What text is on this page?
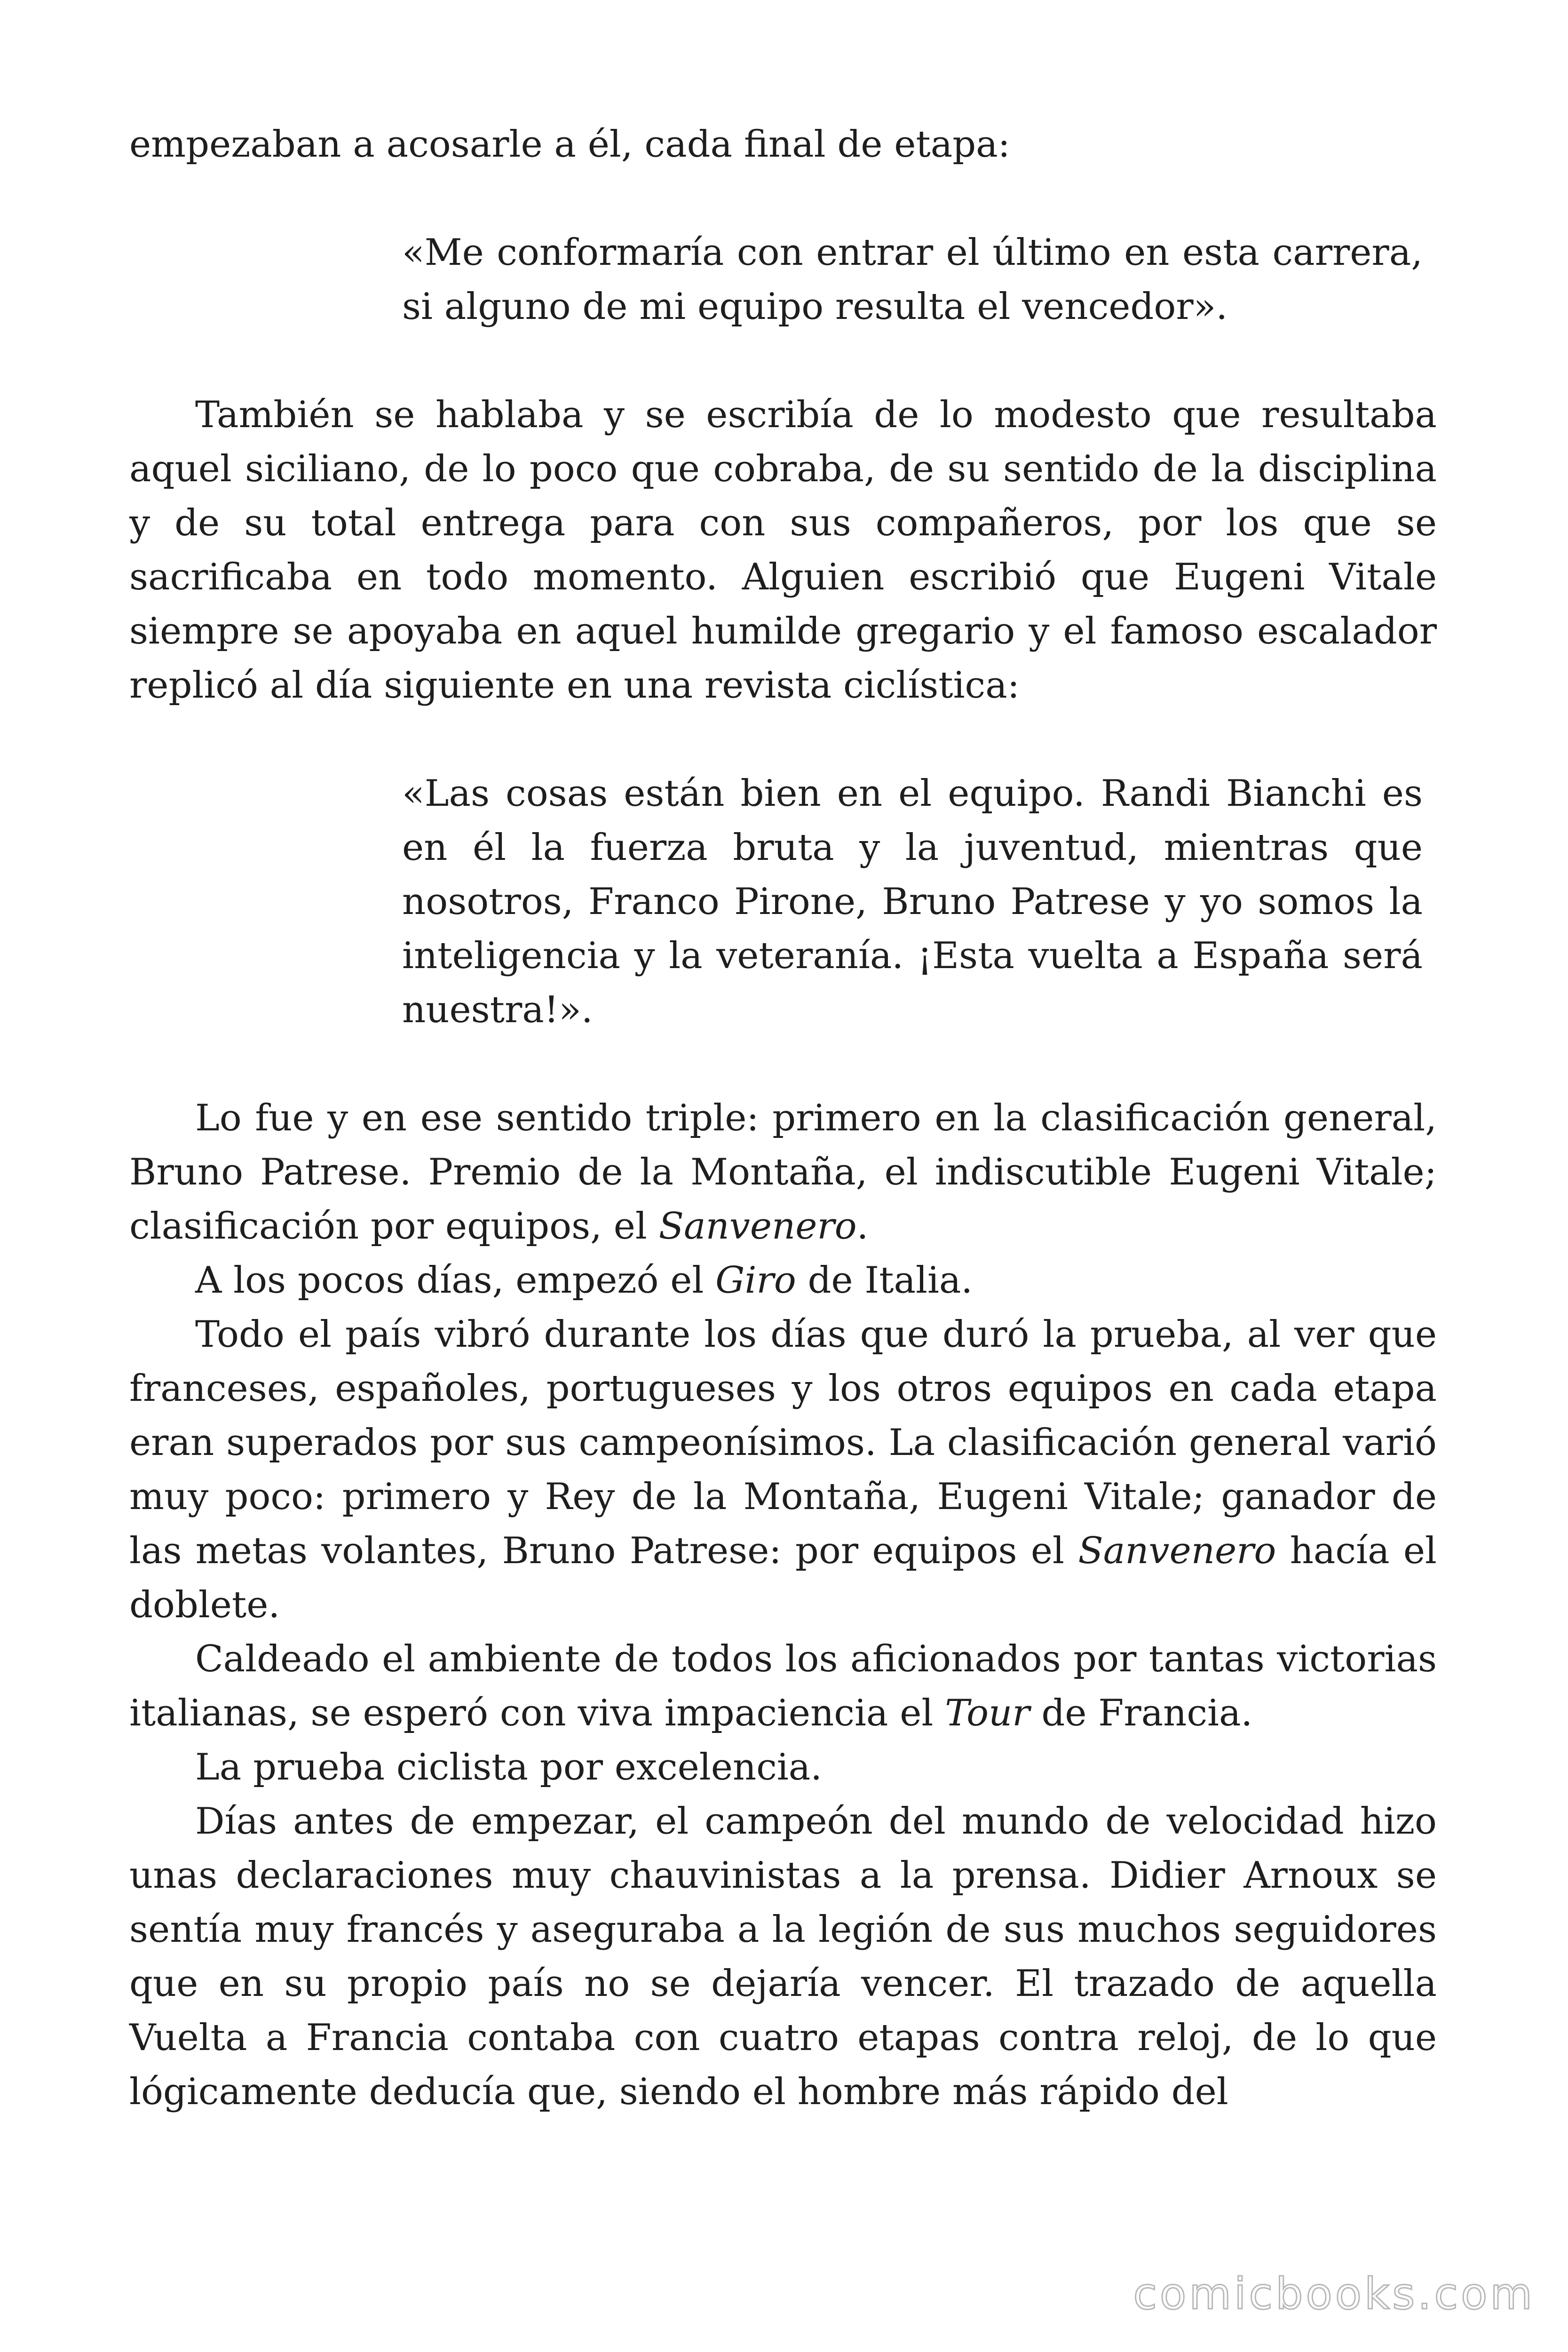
empezaban a acosarle a él, cada final de etapa:

«Me conformaría con entrar el último en esta carrera, si alguno de mi equipo resulta el vencedor».

También se hablaba y se escribía de lo modesto que resultaba aquel siciliano, de lo poco que cobraba, de su sentido de la disciplina y de su total entrega para con sus compañeros, por los que se sacrificaba en todo momento. Alguien escribió que Eugeni Vitale siempre se apoyaba en aquel humilde gregario y el famoso escalador replicó al día siguiente en una revista ciclística:

«Las cosas están bien en el equipo. Randi Bianchi es en él la fuerza bruta y la juventud, mientras que nosotros, Franco Pirone, Bruno Patrese y yo somos la inteligencia y la veteranía. ¡Esta vuelta a España será nuestra!».

Lo fue y en ese sentido triple: primero en la clasificación general, Bruno Patrese. Premio de la Montaña, el indiscutible Eugeni Vitale; clasificación por equipos, el Sanvenero.

A los pocos días, empezó el Giro de Italia.

Todo el país vibró durante los días que duró la prueba, al ver que franceses, españoles, portugueses y los otros equipos en cada etapa eran superados por sus campeonísimos. La clasificación general varió muy poco: primero y Rey de la Montaña, Eugeni Vitale; ganador de las metas volantes, Bruno Patrese: por equipos el Sanvenero hacía el doblete.

Caldeado el ambiente de todos los aficionados por tantas victorias italianas, se esperó con viva impaciencia el Tour de Francia.

La prueba ciclista por excelencia.

Días antes de empezar, el campeón del mundo de velocidad hizo unas declaraciones muy chauvinistas a la prensa. Didier Arnoux se sentía muy francés y aseguraba a la legión de sus muchos seguidores que en su propio país no se dejaría vencer. El trazado de aquella Vuelta a Francia contaba con cuatro etapas contra reloj, de lo que lógicamente deducía que, siendo el hombre más rápido del

comicbooks.com
